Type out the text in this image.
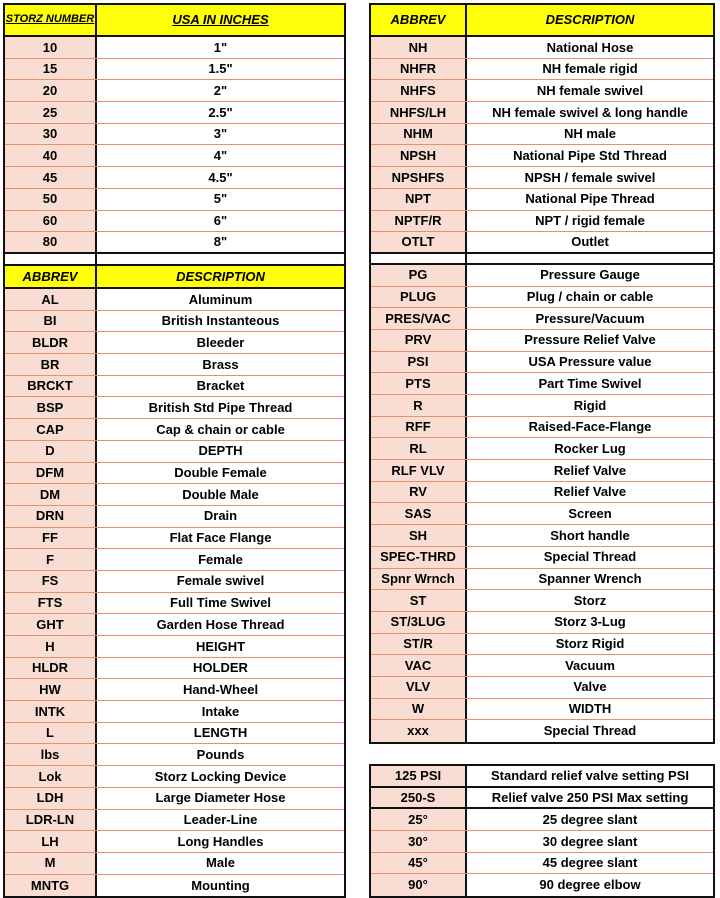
STORZ NUMBER	USA IN INCHES
10	1"
15	1.5"
20	2"
25	2.5"
30	3"
40	4"
45	4.5"
50	5"
60	6"
80	8"
ABBREV	DESCRIPTION
AL	Aluminum
BI	British Instanteous
BLDR	Bleeder
BR	Brass
BRCKT	Bracket
BSP	British Std Pipe Thread
CAP	Cap & chain or cable
D	DEPTH
DFM	Double Female
DM	Double Male
DRN	Drain
FF	Flat Face Flange
F	Female
FS	Female swivel
FTS	Full Time Swivel
GHT	Garden Hose Thread
H	HEIGHT
HLDR	HOLDER
HW	Hand-Wheel
INTK	Intake
L	LENGTH
lbs	Pounds
Lok	Storz Locking Device
LDH	Large Diameter Hose
LDR-LN	Leader-Line
LH	Long Handles
M	Male
MNTG	Mounting
ABBREV	DESCRIPTION
NH	National Hose
NHFR	NH female rigid
NHFS	NH female swivel
NHFS/LH	NH female swivel & long handle
NHM	NH male
NPSH	National Pipe Std Thread
NPSHFS	NPSH / female swivel
NPT	National Pipe Thread
NPTF/R	NPT / rigid female
OTLT	Outlet
PG	Pressure Gauge
PLUG	Plug / chain or cable
PRES/VAC	Pressure/Vacuum
PRV	Pressure Relief Valve
PSI	USA Pressure value
PTS	Part Time Swivel
R	Rigid
RFF	Raised-Face-Flange
RL	Rocker Lug
RLF VLV	Relief Valve
RV	Relief Valve
SAS	Screen
SH	Short handle
SPEC-THRD	Special Thread
Spnr Wrnch	Spanner Wrench
ST	Storz
ST/3LUG	Storz 3-Lug
ST/R	Storz Rigid
VAC	Vacuum
VLV	Valve
W	WIDTH
xxx	Special Thread
125 PSI	Standard relief valve setting PSI
250-S	Relief valve 250 PSI Max setting
25°	25 degree slant
30°	30 degree slant
45°	45 degree slant
90°	90 degree elbow
